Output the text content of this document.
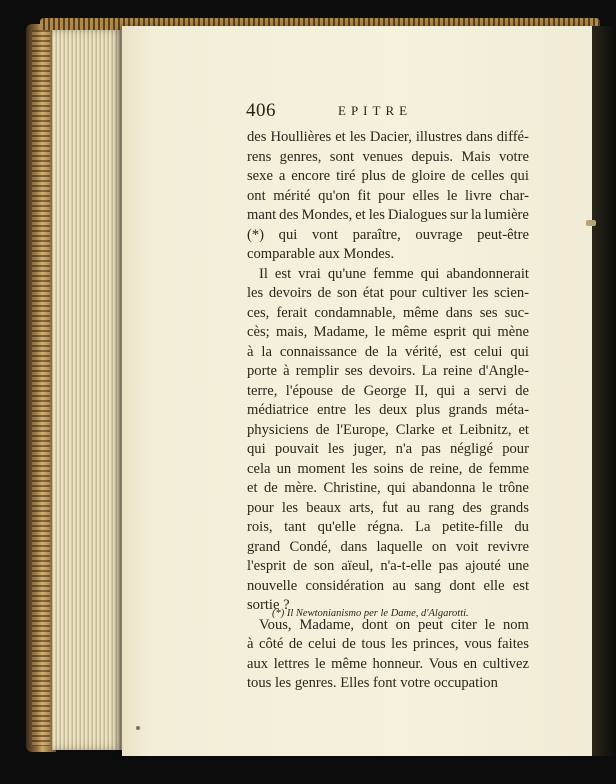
406	EPITRE
des Houllières et les Dacier, illustres dans diffé-
rens genres, sont venues depuis. Mais votre
sexe a encore tiré plus de gloire de celles qui
ont mérité qu'on fit pour elles le livre char-
mant des Mondes, et les Dialogues sur la lumière
(*) qui vont paraître, ouvrage peut-être
comparable aux Mondes.
Il est vrai qu'une femme qui abandonnerait
les devoirs de son état pour cultiver les scien-
ces, ferait condamnable, même dans ses suc-
cès; mais, Madame, le même esprit qui mène
à la connaissance de la vérité, est celui qui
porte à remplir ses devoirs. La reine d'Angle-
terre, l'épouse de George II, qui a servi de
médiatrice entre les deux plus grands méta-
physiciens de l'Europe, Clarke et Leibnitz, et
qui pouvait les juger, n'a pas négligé pour
cela un moment les soins de reine, de femme
et de mère. Christine, qui abandonna le trône
pour les beaux arts, fut au rang des grands
rois, tant qu'elle régna. La petite-fille du
grand Condé, dans laquelle on voit revivre
l'esprit de son aïeul, n'a-t-elle pas ajouté une
nouvelle considération au sang dont elle est
sortie ?
Vous, Madame, dont on peut citer le nom
à côté de celui de tous les princes, vous faites
aux lettres le même honneur. Vous en cultivez
tous les genres. Elles font votre occupation
(*) Il Newtonianismo per le Dame, d'Algarotti.
